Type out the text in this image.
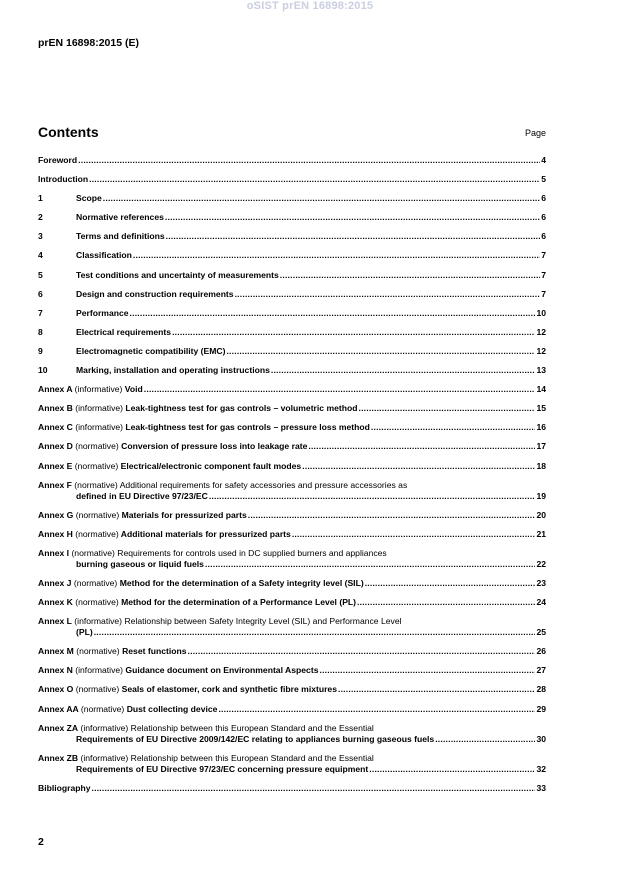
oSIST prEN 16898:2015
prEN 16898:2015 (E)
Contents	Page
Foreword .....	4
Introduction .....	5
1	Scope .....	6
2	Normative references .....	6
3	Terms and definitions .....	6
4	Classification .....	7
5	Test conditions and uncertainty of measurements .....	7
6	Design and construction requirements .....	7
7	Performance .....	10
8	Electrical requirements .....	12
9	Electromagnetic compatibility (EMC) .....	12
10	Marking, installation and operating instructions .....	13
Annex A (informative) Void .....	14
Annex B (informative) Leak-tightness test for gas controls – volumetric method .....	15
Annex C (informative) Leak-tightness test for gas controls – pressure loss method .....	16
Annex D (normative) Conversion of pressure loss into leakage rate .....	17
Annex E (normative) Electrical/electronic component fault modes .....	18
Annex F (normative) Additional requirements for safety accessories and pressure accessories as
defined in EU Directive 97/23/EC .....	19
Annex G (normative) Materials for pressurized parts .....	20
Annex H (normative) Additional materials for pressurized parts .....	21
Annex I (normative) Requirements for controls used in DC supplied burners and appliances
burning gaseous or liquid fuels .....	22
Annex J (normative) Method for the determination of a Safety integrity level (SIL) .....	23
Annex K (normative) Method for the determination of a Performance Level (PL) .....	24
Annex L (informative) Relationship between Safety Integrity Level (SIL) and Performance Level
(PL) .....	25
Annex M (normative) Reset functions .....	26
Annex N (informative) Guidance document on Environmental Aspects .....	27
Annex O (normative) Seals of elastomer, cork and synthetic fibre mixtures .....	28
Annex AA (normative) Dust collecting device .....	29
Annex ZA (informative) Relationship between this European Standard and the Essential
Requirements of EU Directive 2009/142/EC relating to appliances burning gaseous fuels .....	30
Annex ZB (informative) Relationship between this European Standard and the Essential
Requirements of EU Directive 97/23/EC concerning pressure equipment .....	32
Bibliography .....	33
2
